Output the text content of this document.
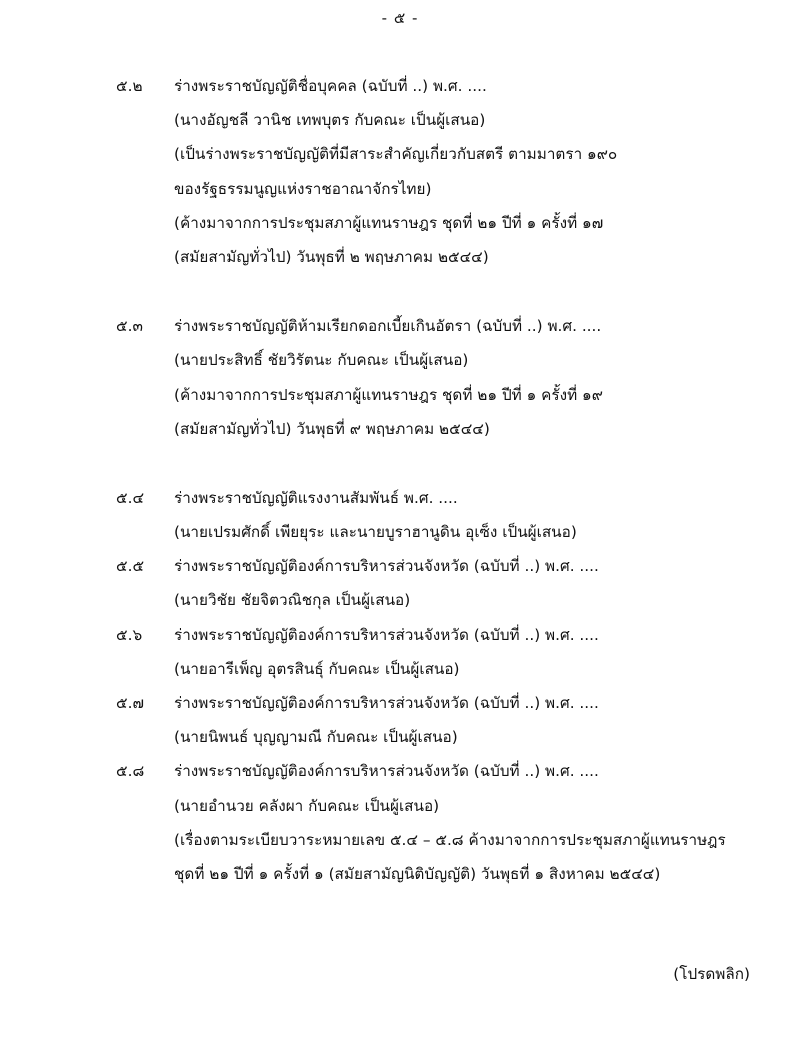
- ๕ -
๕.๒	ร่างพระราชบัญญัติชื่อบุคคล (ฉบับที่ ..) พ.ศ. ....
(นางอัญชลี วานิช เทพบุตร กับคณะ เป็นผู้เสนอ)
(เป็นร่างพระราชบัญญัติที่มีสาระสำคัญเกี่ยวกับสตรี ตามมาตรา ๑๙๐
ของรัฐธรรมนูญแห่งราชอาณาจักรไทย)
(ค้างมาจากการประชุมสภาผู้แทนราษฎร ชุดที่ ๒๑ ปีที่ ๑ ครั้งที่ ๑๗
(สมัยสามัญทั่วไป) วันพุธที่ ๒ พฤษภาคม ๒๕๔๔)
๕.๓	ร่างพระราชบัญญัติห้ามเรียกดอกเบี้ยเกินอัตรา (ฉบับที่ ..) พ.ศ. ....
(นายประสิทธิ์ ชัยวิรัตนะ กับคณะ เป็นผู้เสนอ)
(ค้างมาจากการประชุมสภาผู้แทนราษฎร ชุดที่ ๒๑ ปีที่ ๑ ครั้งที่ ๑๙
(สมัยสามัญทั่วไป) วันพุธที่ ๙ พฤษภาคม ๒๕๔๔)
๕.๔	ร่างพระราชบัญญัติแรงงานสัมพันธ์ พ.ศ. ....
(นายเปรมศักดิ์ เพียยุระ และนายบูราฮานูดิน อุเซ็ง เป็นผู้เสนอ)
๕.๕	ร่างพระราชบัญญัติองค์การบริหารส่วนจังหวัด (ฉบับที่ ..) พ.ศ. ....
(นายวิชัย ชัยจิตวณิชกุล เป็นผู้เสนอ)
๕.๖	ร่างพระราชบัญญัติองค์การบริหารส่วนจังหวัด (ฉบับที่ ..) พ.ศ. ....
(นายอารีเพ็ญ อุตรสินธุ์ กับคณะ เป็นผู้เสนอ)
๕.๗	ร่างพระราชบัญญัติองค์การบริหารส่วนจังหวัด (ฉบับที่ ..) พ.ศ. ....
(นายนิพนธ์ บุญญามณี กับคณะ เป็นผู้เสนอ)
๕.๘	ร่างพระราชบัญญัติองค์การบริหารส่วนจังหวัด (ฉบับที่ ..) พ.ศ. ....
(นายอำนวย คลังผา กับคณะ เป็นผู้เสนอ)
(เรื่องตามระเบียบวาระหมายเลข ๕.๔ – ๕.๘ ค้างมาจากการประชุมสภาผู้แทนราษฎร
ชุดที่ ๒๑ ปีที่ ๑ ครั้งที่ ๑ (สมัยสามัญนิติบัญญัติ) วันพุธที่ ๑ สิงหาคม ๒๕๔๔)
(โปรดพลิก)
